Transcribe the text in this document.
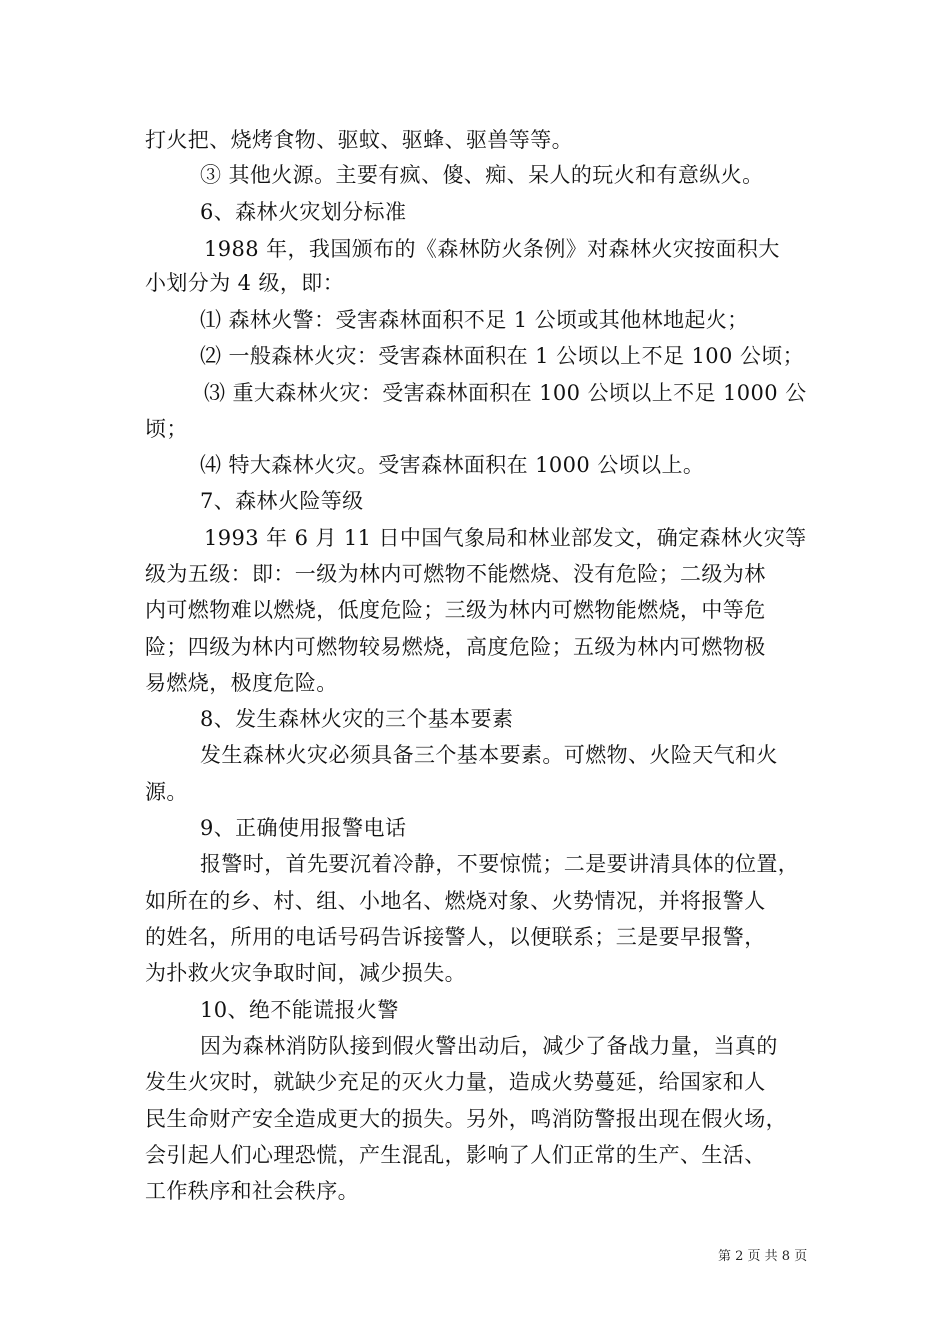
打火把、烧烤食物、驱蚊、驱蜂、驱兽等等。
③ 其他火源。主要有疯、傻、痴、呆人的玩火和有意纵火。
6、森林火灾划分标准
1988 年，我国颁布的《森林防火条例》对森林火灾按面积大
小划分为 4 级，即：
⑴ 森林火警：受害森林面积不足 1 公顷或其他林地起火；
⑵ 一般森林火灾：受害森林面积在 1 公顷以上不足 100 公顷；
⑶ 重大森林火灾：受害森林面积在 100 公顷以上不足 1000 公
顷；
⑷ 特大森林火灾。受害森林面积在 1000 公顷以上。
7、森林火险等级
1993 年 6 月 11 日中国气象局和林业部发文，确定森林火灾等
级为五级：即：一级为林内可燃物不能燃烧、没有危险；二级为林
内可燃物难以燃烧，低度危险；三级为林内可燃物能燃烧，中等危
险；四级为林内可燃物较易燃烧，高度危险；五级为林内可燃物极
易燃烧，极度危险。
8、发生森林火灾的三个基本要素
发生森林火灾必须具备三个基本要素。可燃物、火险天气和火
源。
9、正确使用报警电话
报警时，首先要沉着冷静，不要惊慌；二是要讲清具体的位置，
如所在的乡、村、组、小地名、燃烧对象、火势情况，并将报警人
的姓名，所用的电话号码告诉接警人，以便联系；三是要早报警，
为扑救火灾争取时间，减少损失。
10、绝不能谎报火警
因为森林消防队接到假火警出动后，减少了备战力量，当真的
发生火灾时，就缺少充足的灭火力量，造成火势蔓延，给国家和人
民生命财产安全造成更大的损失。另外，鸣消防警报出现在假火场，
会引起人们心理恐慌，产生混乱，影响了人们正常的生产、生活、
工作秩序和社会秩序。
第 2 页 共 8 页
